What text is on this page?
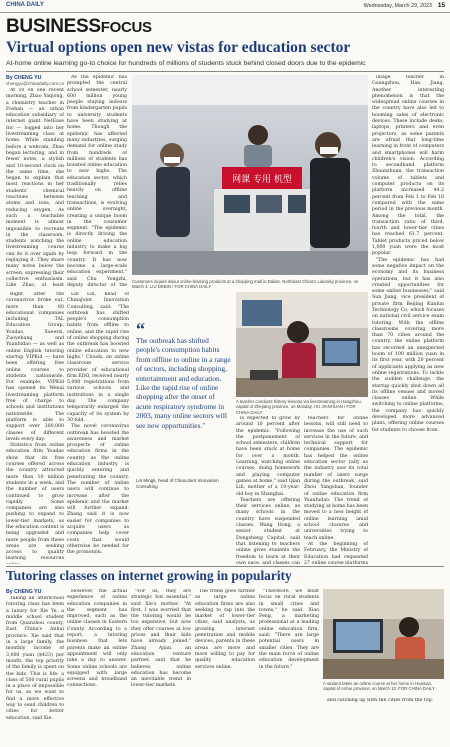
CHINA DAILY	Wednesday, March 29, 2023 15
BUSINESSFOCUS
Virtual options open new vistas for education sector
At-home online learning go-to choice for hundreds of millions of students stuck behind closed doors due to the epidemic
By CHENG YU
chengyu@chinadaily.com.cn

At 10 on one recent morning, Zhao Yaqiong, a chemistry teacher in Foshan — an urban education subsidiary of internet giant NetEase Inc — logged into her livestreaming class at home. While standing before a webcam, Zhao began lecturing, and in fewer notes, a stylish and 10-second clock on the same time, she began to explain that most reactions in her students' chemical reactions between atoms and ions, and reducing oxygen. As such a teachable moment is almost impossible to recreate in the classroom, students watching the livestreaming course can do it over again by replaying it. They share many notes below the screen, expressing their collective enthusiasm. Like Zhao, at least

As the epidemic has prompted the central school semester, nearly 600 million young people staying indoors from kindergarten pupils to university students have been studying at home. Though the epidemic has affected many industries, surging demand for online study from hundreds of millions of students has boosted online education to new highs. The education sector, which traditionally relies heavily on offline teaching and transactions, is evolving online overnight, creating a unique boom in the consumer segment. "The epidemic is directly driving the online education industry to make a big leap forward in the country. It has now become a large-scale education experiment," said Chu Yongzhi, deputy director of the

网课 专用 机型

image teacher in Guangzhou, Han Jiang. Another interesting phenomenon is that the widespread online courses in the country have also led to booming sales of electronic devices. These include desks, laptops, printers and even projectors, as some parents are afraid that long-time learning in front of computers and smartphones will harm children's vision. According to secondhand platform Zhuanzhuan, the transaction volume of tablets and computer products on its platform increased 44.2 percent from Feb 1 to Feb 18 compared with the same period in the previous month. Among the total, the transaction ratio of third, fourth and lower-tier cities has reached 61.7 percent. Tablet products priced below 1,000 yuan were the most popular.

"The epidemic has had some negative impact on the economy and its business operations, but it has also created opportunities for some online businesses," said Sun Jiang, vice president of private firm Beijing Kunlun Technology Co, which focuses on national civil service exam tutoring. With the offline classrooms covering more than 70 cities around the country, the online platform has recorded an unexpected boom of 100 million yuan in its first year, with 20 percent of applicants applying as new online registrations. To tackle the sudden challenge, the startup quickly shut down all its offline venues and moved classes online. While switching to online platforms, the company has quickly developed more advanced plans, offering online courses for students to choose from.

Customers inquire about online-learning products at a shopping mall in Dalian, Northeast China's Liaoning province, on March 4. LIU DEBIN / FOR CHINA DAILY

Right after the coronavirus broke out, more than 80 educational companies including TAL Education Group, Youdao, Xueersi, Zuoyebang and Yuanfudao — as well as online English tutoring startup VIPKid — have been offering free online courses to students nationwide. For example, VIPKid has opened its Wenai livestreaming platform free of charge to schools and institutions nationwide. The platform is able to support over 300,000 classes of different levels every day.

Statistics from online education firm Youdao show that its free courses offered across the country attracted more than 10 million students in a week, and the number of users continued to grow rapidly. Some companies are also pushing to expand to lower-tier markets, as the education content is being upgraded and more people from these areas are seeking access to quality learning resources

Lin Lin, head of ChinaJoint Innovation Consulting, said: "The outbreak has shifted people's consumption habits from offline to online, and the rapid rise of online shopping during the outbreak has boosted online education to new highs." Clouds, an online classroom service provider of educational firm EDO, received nearly 5,000 registrations from various schools and institutions in a single day. The company temporarily enlarged the capacity of its system by 30 fold.

The novel coronavirus outbreak has boosted the awareness and market prospects of online education firms in the country as the online education industry is quickly entering and penetrating the country. The number of online users will continue to increase after the epidemic and the market will further expand. Zhang said it is now easier for companies to acquire users as companies help cover costs that would otherwise be needed for the promotion.

“
The outbreak has shifted people's consumption habits from offline to online in a range of sectors, including shopping, entertainment and education. Like the rapid rise of online shopping after the onset of acute respiratory syndrome in 2003, many online sectors will see new opportunities."
Lin Mingli, head of ChinaJoint Innovation Consulting
A teacher conducts history lessons via livestreaming in Hangzhou, capital of Zhejiang province, on Monday. HU JIANHUAN / FOR CHINA DAILY

is expected to grow by around 10 percent after the epidemic. "Following the postponement of school semesters, children have been stuck at home for over a month. Learning, watching online courses, doing homework and playing computer games at home," said Qian Lili, mother of a 10-year-old boy in Shanghai.

Teachers are offering their services online, as many schools in the country have suspended classes. Wang Hong, a senior student at Dongsheng Capital, said that listening to teachers online gives students the freedom to learn at their own pace, and classes can

teachers for online lessons, will still need to increase the use of such services in the future, and technical support for companies. The epidemic has helped the online education sector rally as the industry saw its total number of users surge during the outbreak, said Zhou Yangshan, founder of online education firm Yuanfudao. The trend of studying at home has been moved to a new height of online learning amid school closures and universities trying to teach online.

At the beginning of February, the Ministry of Education had requested 27 online course platforms

Tutoring classes on internet growing in popularity
By CHENG YU

Taking an afterschool tutoring class has been a luxury for Xie Ye, a middle school student from Quanzhou county, East China's Anhui province. Xie said that in a large family, the monthly income of 3,000 yuan ($423) per month, the top priority of the family is spent on the kids. This is life: a class of 500 rural pupils in a place of impossible for us, as we want to find a more effective way to send children to cities for better education, said Xie.

However, the actual experience of online education companies in the segment has improved, such as the online classes in Eastern County. According to a report, a tutoring business that lets parents make an online appointment will only take a day to answer. Some online schools are equipped with large screens and broadband connections.

"For us, they are strategic but essential," said Xie's mother. "At first, I was worried that the tutoring would be too expensive, but now they offer courses at low prices and their kids have already joined." Zhang Ajian, an education venture partner, said that he believes online education has become an inevitable trend in lower-tier markets.

The trend goes further as large online education firms are also seeking to tap into the market of lower-tier cities, said analysts, as growing internet penetration and mobile devices, parents in these areas are more and more willing to pay for quality education services online.

"Therefore, we must focus on rural students in small cities and towns," he said. Xiao Feng, a marketing professional at a leading online education firm, said: "There are large potential users in smaller cities. They are the main force of online education development in the future."

A student takes an online course at her home in Huainan, capital of Anhui province, on March 10. FOR CHINA DAILY

and catching up with the cities from the top.
